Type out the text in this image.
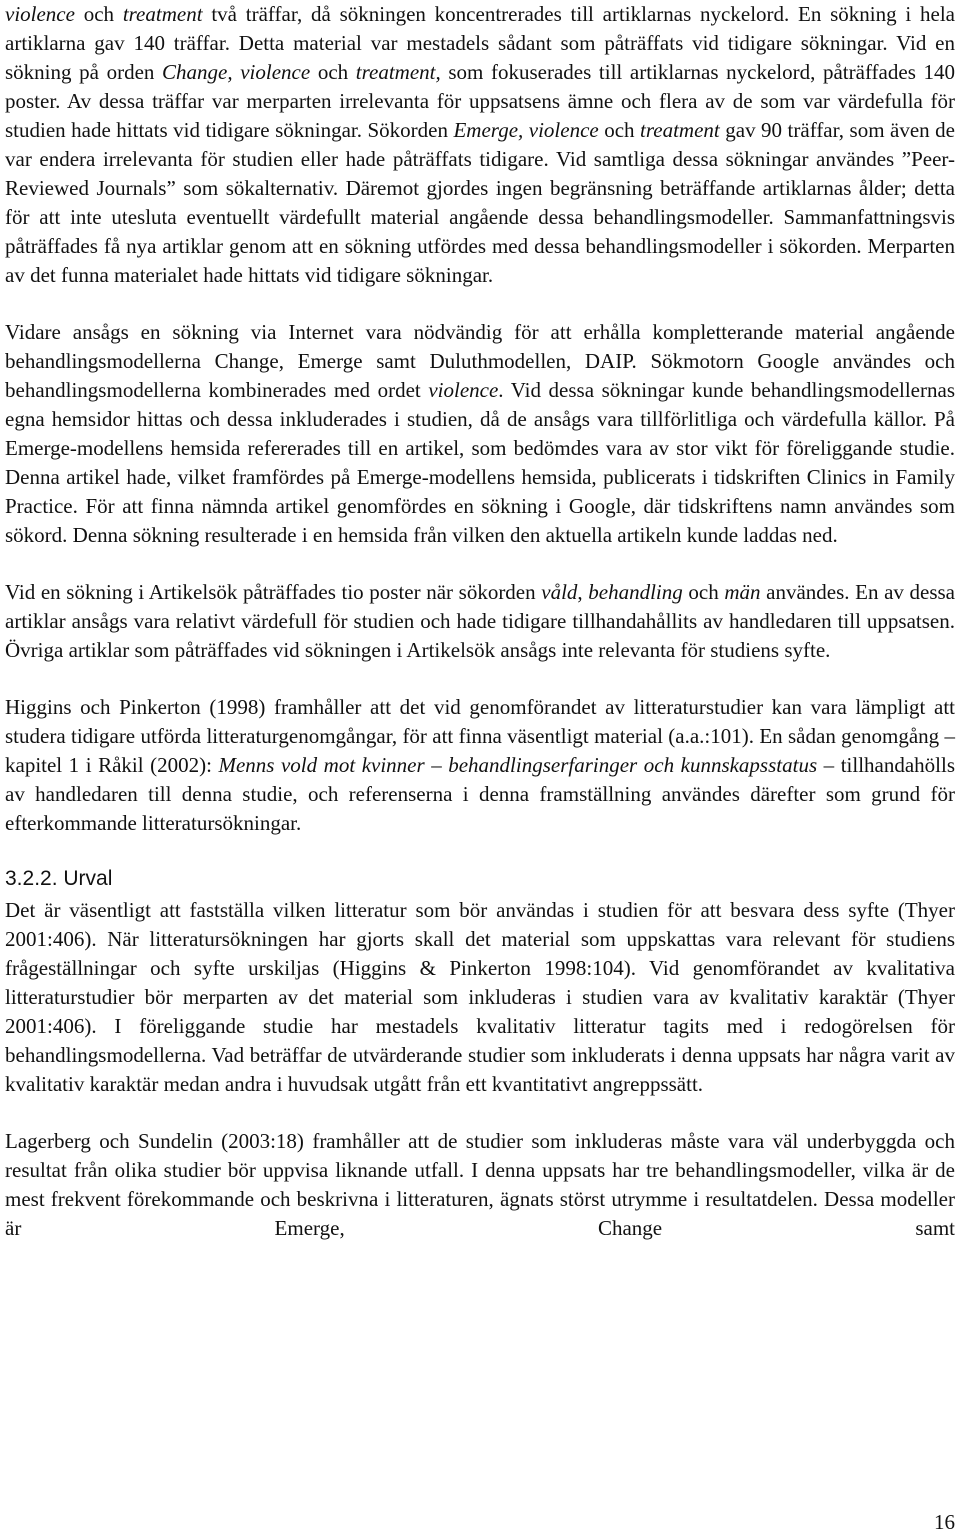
violence och treatment två träffar, då sökningen koncentrerades till artiklarnas nyckelord. En sökning i hela artiklarna gav 140 träffar. Detta material var mestadels sådant som påträffats vid tidigare sökningar. Vid en sökning på orden Change, violence och treatment, som fokuserades till artiklarnas nyckelord, påträffades 140 poster. Av dessa träffar var merparten irrelevanta för uppsatsens ämne och flera av de som var värdefulla för studien hade hittats vid tidigare sökningar. Sökorden Emerge, violence och treatment gav 90 träffar, som även de var endera irrelevanta för studien eller hade påträffats tidigare. Vid samtliga dessa sökningar användes ”Peer-Reviewed Journals” som sökalternativ. Däremot gjordes ingen begränsning beträffande artiklarnas ålder; detta för att inte utesluta eventuellt värdefullt material angående dessa behandlingsmodeller. Sammanfattningsvis påträffades få nya artiklar genom att en sökning utfördes med dessa behandlingsmodeller i sökorden. Merparten av det funna materialet hade hittats vid tidigare sökningar.

Vidare ansågs en sökning via Internet vara nödvändig för att erhålla kompletterande material angående behandlingsmodellerna Change, Emerge samt Duluthmodellen, DAIP. Sökmotorn Google användes och behandlingsmodellerna kombinerades med ordet violence. Vid dessa sökningar kunde behandlingsmodellernas egna hemsidor hittas och dessa inkluderades i studien, då de ansågs vara tillförlitliga och värdefulla källor. På Emerge-modellens hemsida refererades till en artikel, som bedömdes vara av stor vikt för föreliggande studie. Denna artikel hade, vilket framfördes på Emerge-modellens hemsida, publicerats i tidskriften Clinics in Family Practice. För att finna nämnda artikel genomfördes en sökning i Google, där tidskriftens namn användes som sökord. Denna sökning resulterade i en hemsida från vilken den aktuella artikeln kunde laddas ned.

Vid en sökning i Artikelsök påträffades tio poster när sökorden våld, behandling och män användes. En av dessa artiklar ansågs vara relativt värdefull för studien och hade tidigare tillhandahållits av handledaren till uppsatsen. Övriga artiklar som påträffades vid sökningen i Artikelsök ansågs inte relevanta för studiens syfte.

Higgins och Pinkerton (1998) framhåller att det vid genomförandet av litteraturstudier kan vara lämpligt att studera tidigare utförda litteraturgenomgångar, för att finna väsentligt material (a.a.:101). En sådan genomgång – kapitel 1 i Råkil (2002): Menns vold mot kvinner – behandlingserfaringer och kunnskapsstatus – tillhandahölls av handledaren till denna studie, och referenserna i denna framställning användes därefter som grund för efterkommande litteratursökningar.

3.2.2. Urval

Det är väsentligt att fastställa vilken litteratur som bör användas i studien för att besvara dess syfte (Thyer 2001:406). När litteratursökningen har gjorts skall det material som uppskattas vara relevant för studiens frågeställningar och syfte urskiljas (Higgins & Pinkerton 1998:104). Vid genomförandet av kvalitativa litteraturstudier bör merparten av det material som inkluderas i studien vara av kvalitativ karaktär (Thyer 2001:406). I föreliggande studie har mestadels kvalitativ litteratur tagits med i redogörelsen för behandlingsmodellerna. Vad beträffar de utvärderande studier som inkluderats i denna uppsats har några varit av kvalitativ karaktär medan andra i huvudsak utgått från ett kvantitativt angreppssätt.

Lagerberg och Sundelin (2003:18) framhåller att de studier som inkluderas måste vara väl underbyggda och resultat från olika studier bör uppvisa liknande utfall. I denna uppsats har tre behandlingsmodeller, vilka är de mest frekvent förekommande och beskrivna i litteraturen, ägnats störst utrymme i resultatdelen. Dessa modeller är Emerge, Change samt

16
